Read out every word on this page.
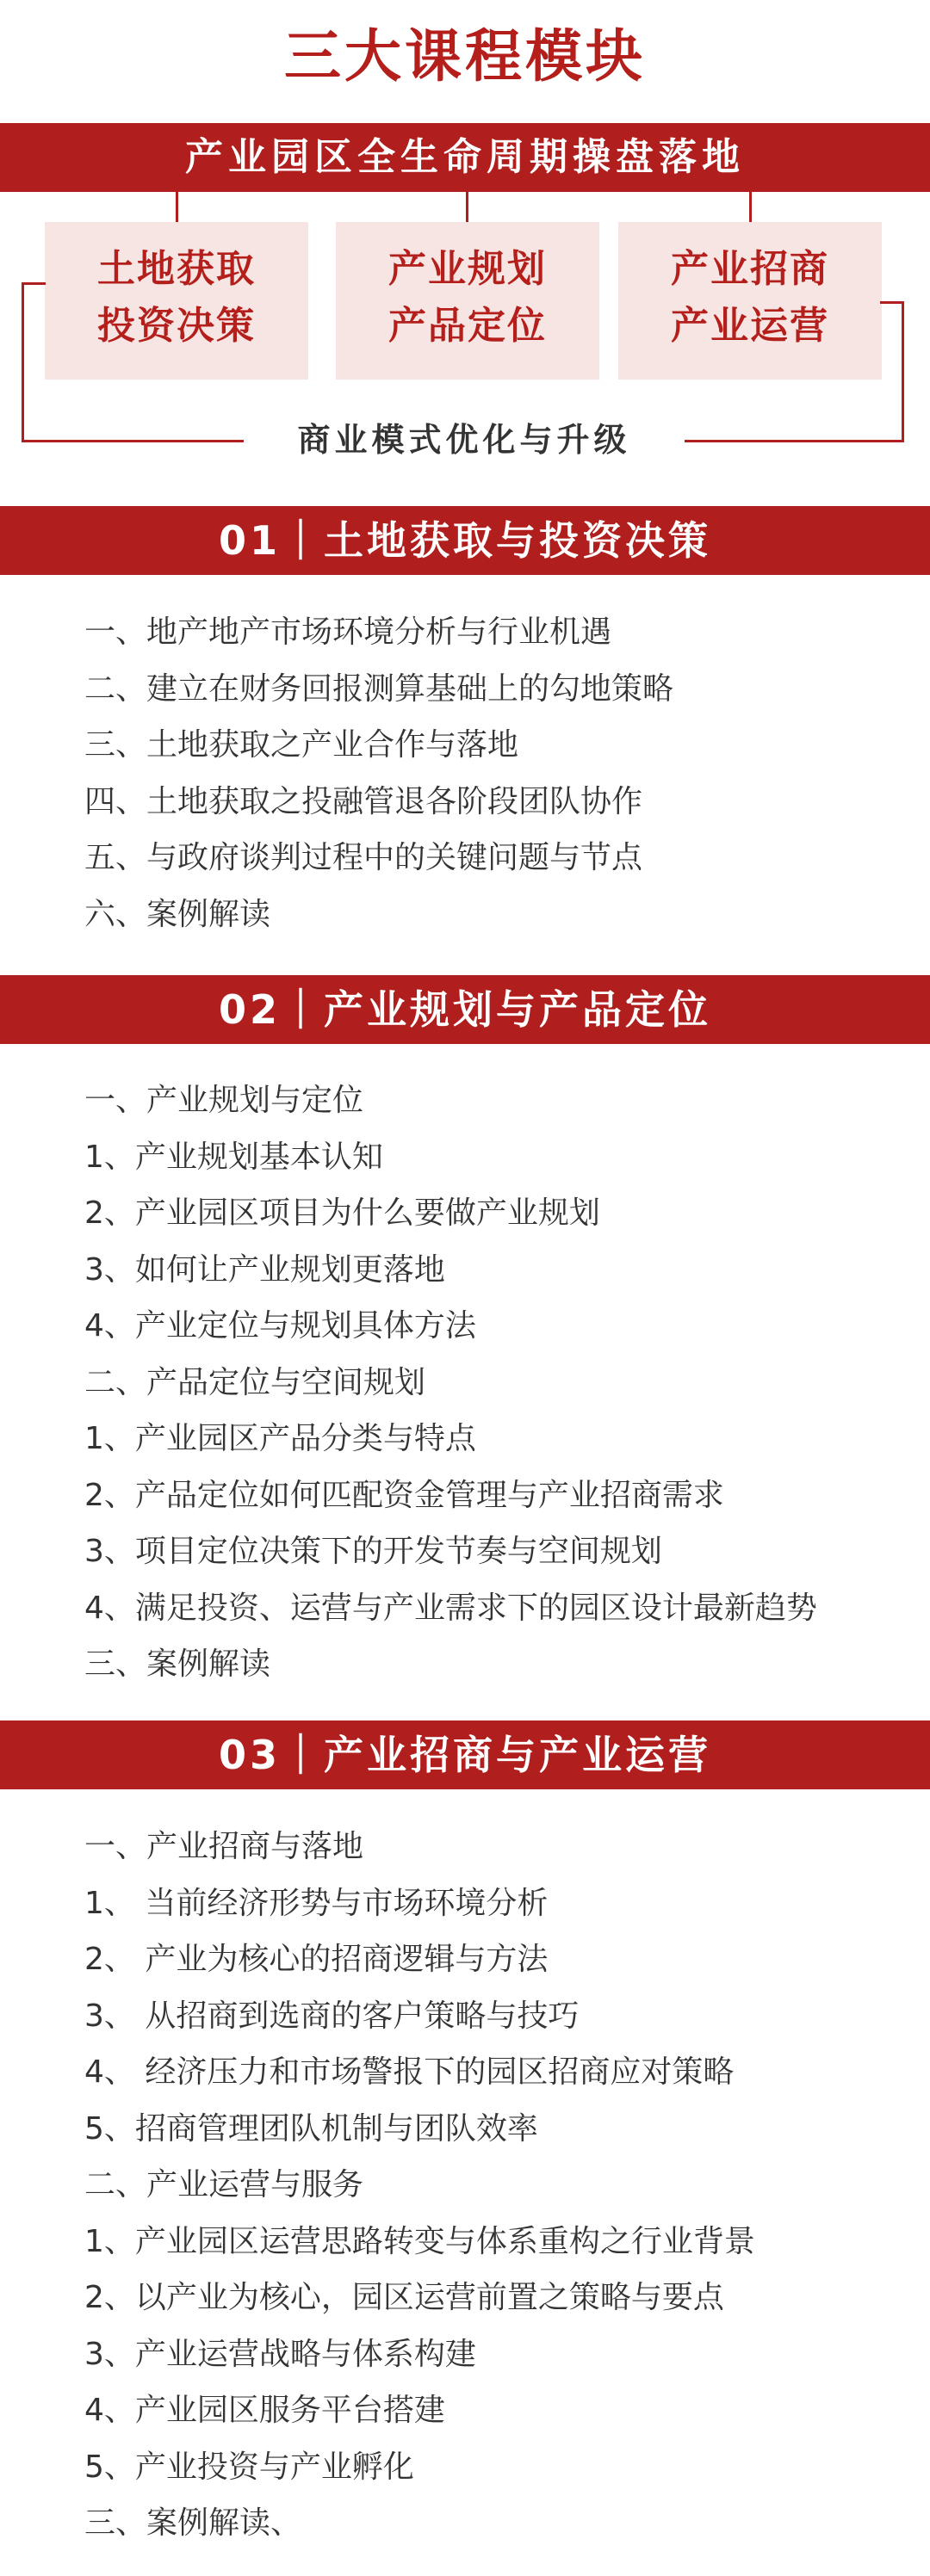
三大课程模块
产业园区全生命周期操盘落地
土地获取
投资决策
产业规划
产品定位
产业招商
产业运营
商业模式优化与升级
01｜土地获取与投资决策
一、地产地产市场环境分析与行业机遇
二、建立在财务回报测算基础上的勾地策略
三、土地获取之产业合作与落地
四、土地获取之投融管退各阶段团队协作
五、与政府谈判过程中的关键问题与节点
六、案例解读
02｜产业规划与产品定位
一、产业规划与定位
1、产业规划基本认知
2、产业园区项目为什么要做产业规划
3、如何让产业规划更落地
4、产业定位与规划具体方法
二、产品定位与空间规划
1、产业园区产品分类与特点
2、产品定位如何匹配资金管理与产业招商需求
3、项目定位决策下的开发节奏与空间规划
4、满足投资、运营与产业需求下的园区设计最新趋势
三、案例解读
03｜产业招商与产业运营
一、产业招商与落地
1、 当前经济形势与市场环境分析
2、 产业为核心的招商逻辑与方法
3、 从招商到选商的客户策略与技巧
4、 经济压力和市场警报下的园区招商应对策略
5、招商管理团队机制与团队效率
二、产业运营与服务
1、产业园区运营思路转变与体系重构之行业背景
2、以产业为核心，园区运营前置之策略与要点
3、产业运营战略与体系构建
4、产业园区服务平台搭建
5、产业投资与产业孵化
三、案例解读、
